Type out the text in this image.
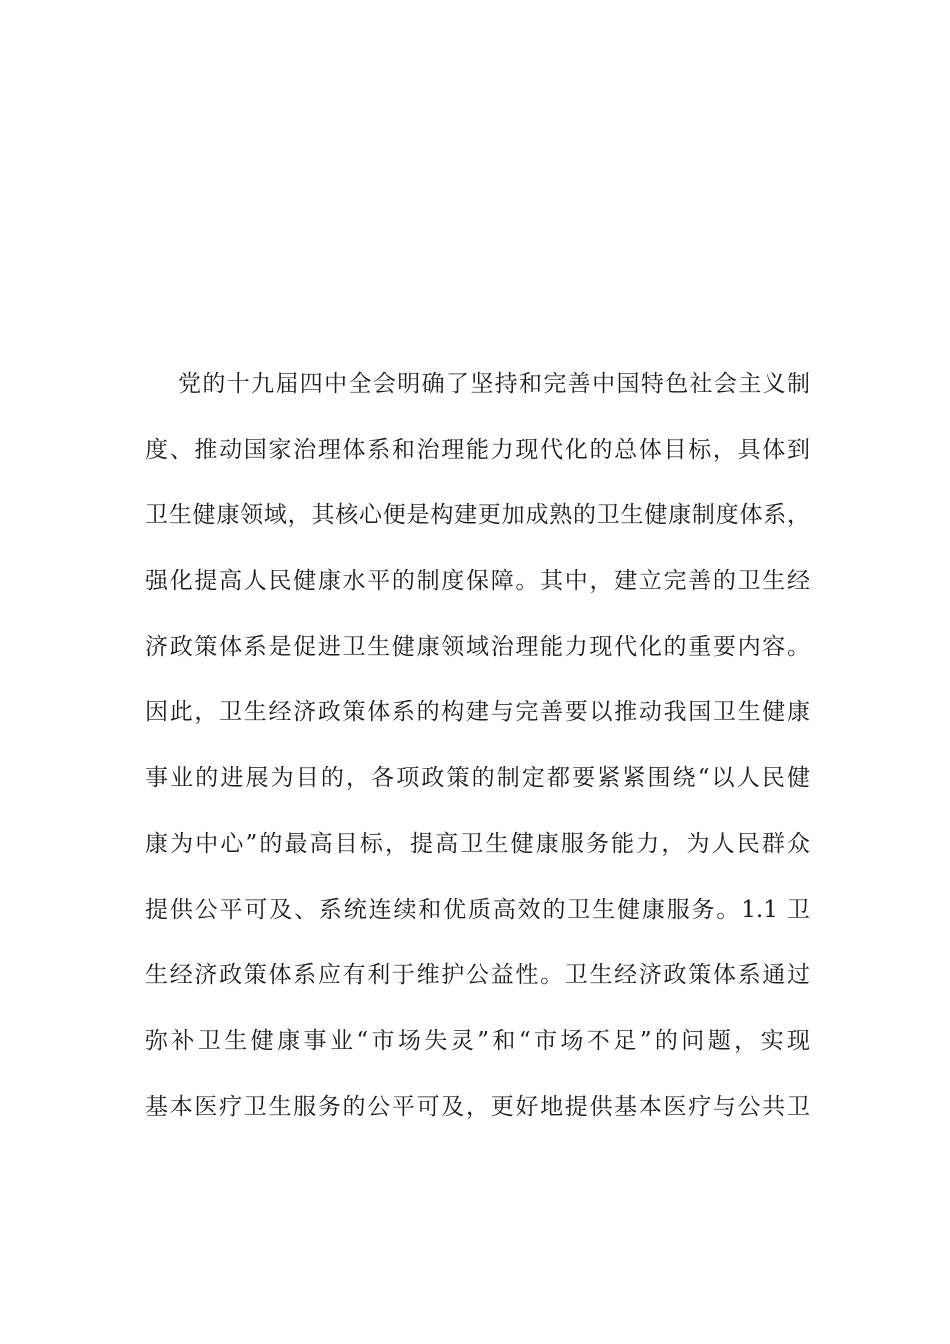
党的十九届四中全会明确了坚持和完善中国特色社会主义制
度、推动国家治理体系和治理能力现代化的总体目标，具体到
卫生健康领域，其核心便是构建更加成熟的卫生健康制度体系，
强化提高人民健康水平的制度保障。其中，建立完善的卫生经
济政策体系是促进卫生健康领域治理能力现代化的重要内容。
因此，卫生经济政策体系的构建与完善要以推动我国卫生健康
事业的进展为目的，各项政策的制定都要紧紧围绕“以人民健
康为中心”的最高目标，提高卫生健康服务能力，为人民群众
提供公平可及、系统连续和优质高效的卫生健康服务。1.1 卫
生经济政策体系应有利于维护公益性。卫生经济政策体系通过
弥补卫生健康事业“市场失灵”和“市场不足”的问题，实现
基本医疗卫生服务的公平可及，更好地提供基本医疗与公共卫
